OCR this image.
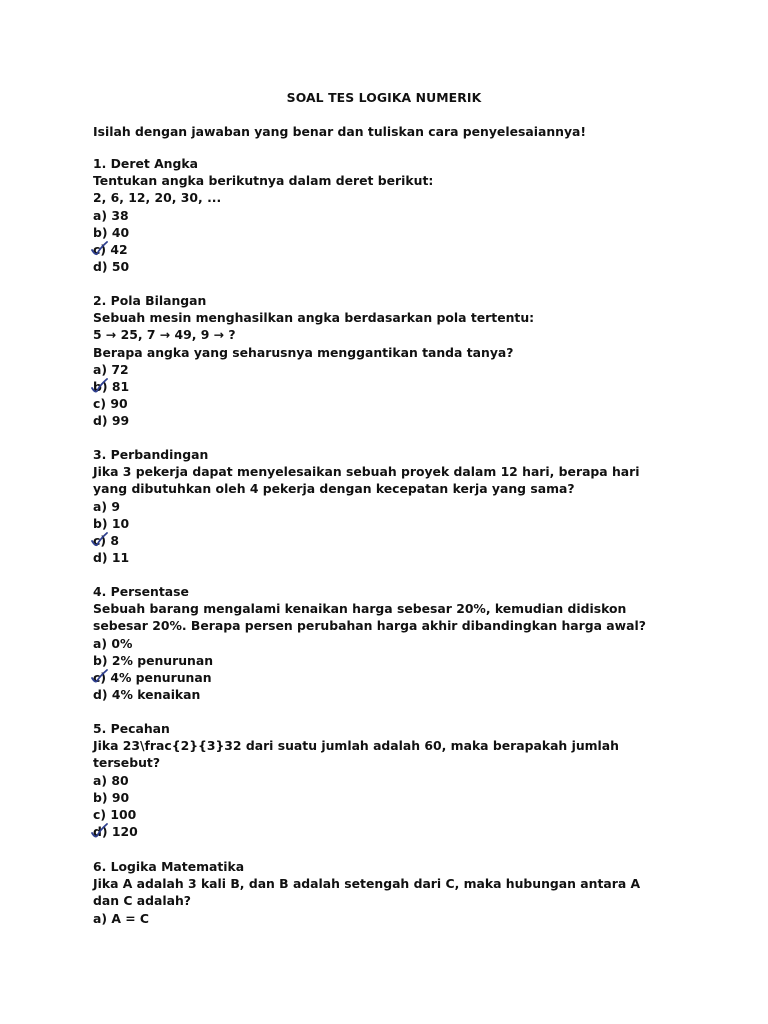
SOAL TES LOGIKA NUMERIK
Isilah dengan jawaban yang benar dan tuliskan cara penyelesaiannya!
1. Deret Angka
Tentukan angka berikutnya dalam deret berikut:
2, 6, 12, 20, 30, ...
a) 38
b) 40
c) 42
d) 50
2. Pola Bilangan
Sebuah mesin menghasilkan angka berdasarkan pola tertentu:
5 → 25, 7 → 49, 9 → ?
Berapa angka yang seharusnya menggantikan tanda tanya?
a) 72
b) 81
c) 90
d) 99
3. Perbandingan
Jika 3 pekerja dapat menyelesaikan sebuah proyek dalam 12 hari, berapa hari
yang dibutuhkan oleh 4 pekerja dengan kecepatan kerja yang sama?
a) 9
b) 10
c) 8
d) 11
4. Persentase
Sebuah barang mengalami kenaikan harga sebesar 20%, kemudian didiskon
sebesar 20%. Berapa persen perubahan harga akhir dibandingkan harga awal?
a) 0%
b) 2% penurunan
c) 4% penurunan
d) 4% kenaikan
5. Pecahan
Jika 23\frac{2}{3}32 dari suatu jumlah adalah 60, maka berapakah jumlah
tersebut?
a) 80
b) 90
c) 100
d) 120
6. Logika Matematika
Jika A adalah 3 kali B, dan B adalah setengah dari C, maka hubungan antara A
dan C adalah?
a) A = C
